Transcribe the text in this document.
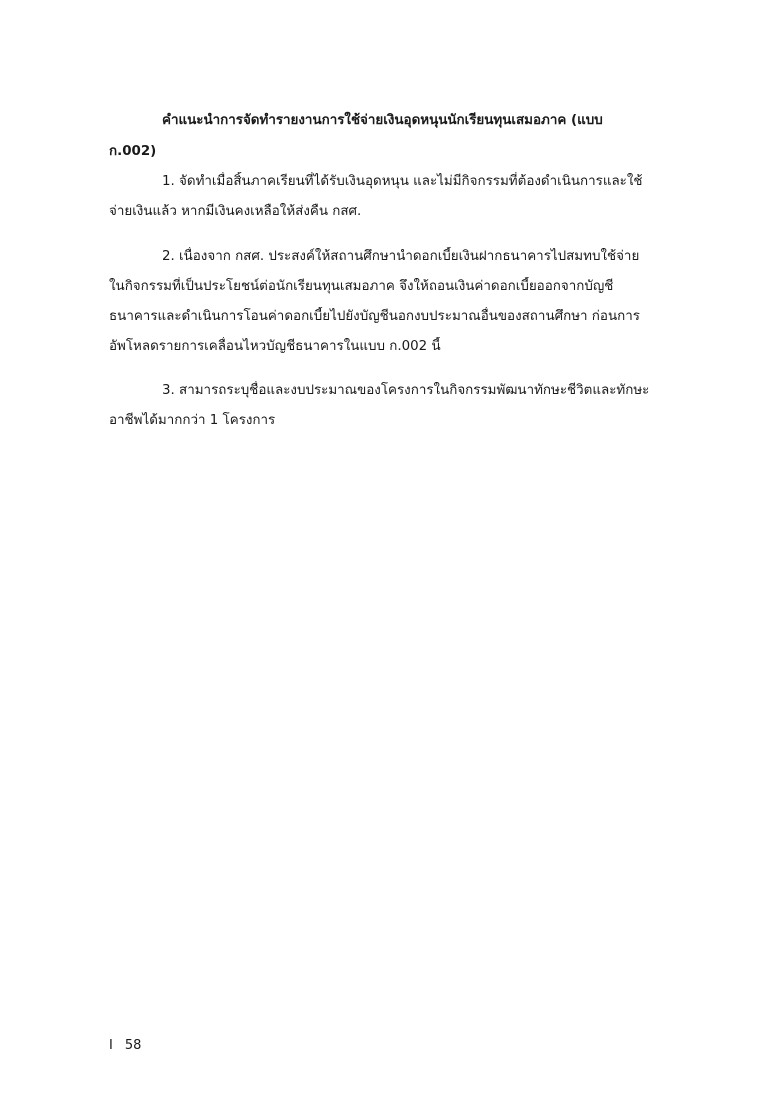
คำแนะนำการจัดทำรายงานการใช้จ่ายเงินอุดหนุนนักเรียนทุนเสมอภาค (แบบ
ก.002)
1. จัดทำเมื่อสิ้นภาคเรียนที่ได้รับเงินอุดหนุน และไม่มีกิจกรรมที่ต้องดำเนินการและใช้
จ่ายเงินแล้ว หากมีเงินคงเหลือให้ส่งคืน กสศ.
2. เนื่องจาก กสศ. ประสงค์ให้สถานศึกษานำดอกเบี้ยเงินฝากธนาคารไปสมทบใช้จ่าย
ในกิจกรรมที่เป็นประโยชน์ต่อนักเรียนทุนเสมอภาค จึงให้ถอนเงินค่าดอกเบี้ยออกจากบัญชี
ธนาคารและดำเนินการโอนค่าดอกเบี้ยไปยังบัญชีนอกงบประมาณอื่นของสถานศึกษา ก่อนการ
อัพโหลดรายการเคลื่อนไหวบัญชีธนาคารในแบบ ก.002 นี้
3. สามารถระบุชื่อและงบประมาณของโครงการในกิจกรรมพัฒนาทักษะชีวิตและทักษะ
อาชีพได้มากกว่า 1 โครงการ
I 58
